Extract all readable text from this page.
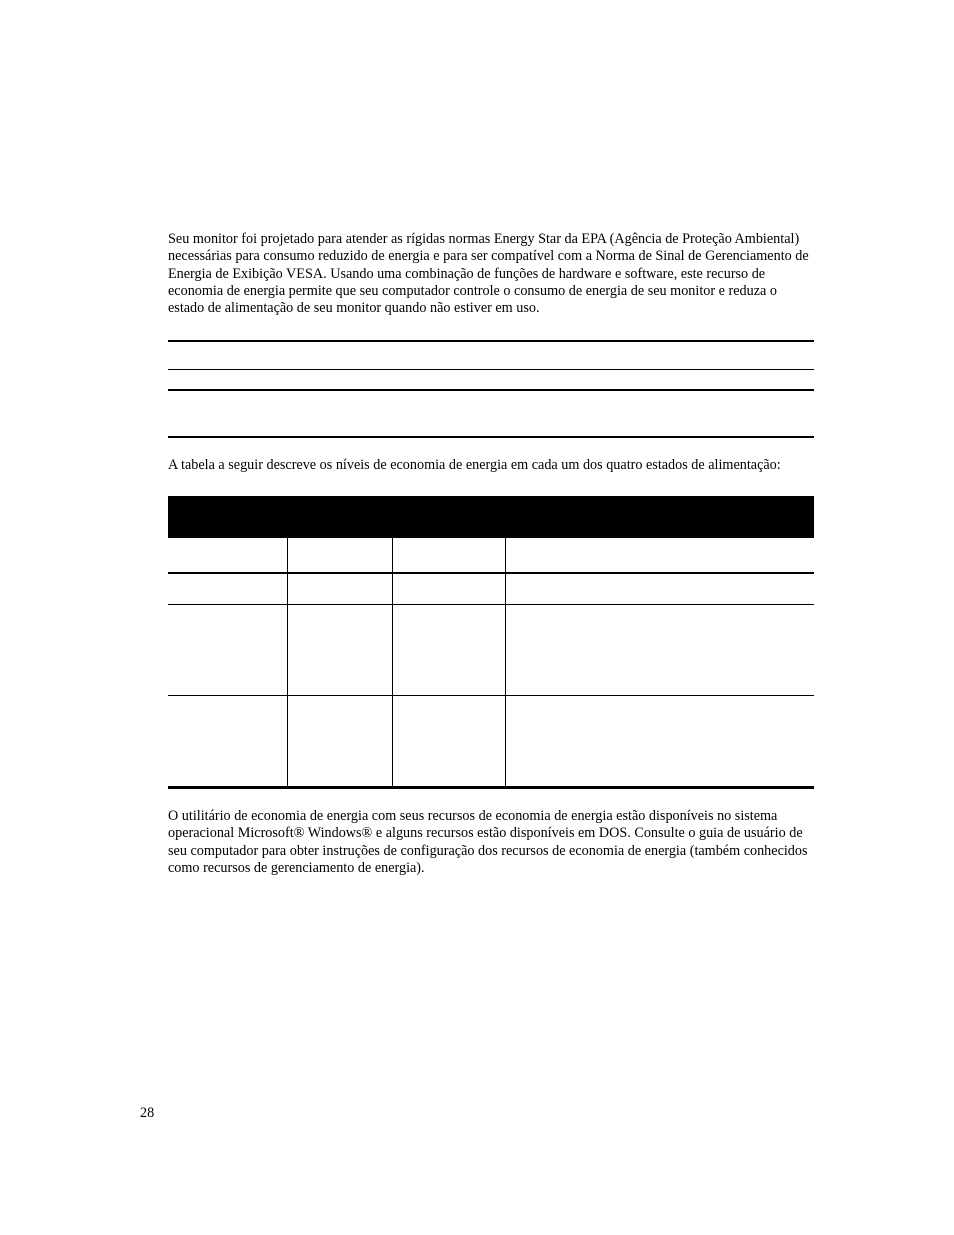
Seu monitor foi projetado para atender as rígidas normas Energy Star da EPA (Agência de Proteção Ambiental) necessárias para consumo reduzido de energia e para ser compatível com a Norma de Sinal de Gerenciamento de Energia de Exibição VESA. Usando uma combinação de funções de hardware e software, este recurso de economia de energia permite que seu computador controle o consumo de energia de seu monitor e reduza o estado de alimentação de seu monitor quando não estiver em uso.

A tabela a seguir descreve os níveis de economia de energia em cada um dos quatro estados de alimentação:

O utilitário de economia de energia com seus recursos de economia de energia estão disponíveis no sistema operacional Microsoft® Windows® e alguns recursos estão disponíveis em DOS. Consulte o guia de usuário de seu computador para obter instruções de configuração dos recursos de economia de energia (também conhecidos como recursos de gerenciamento de energia).

28
